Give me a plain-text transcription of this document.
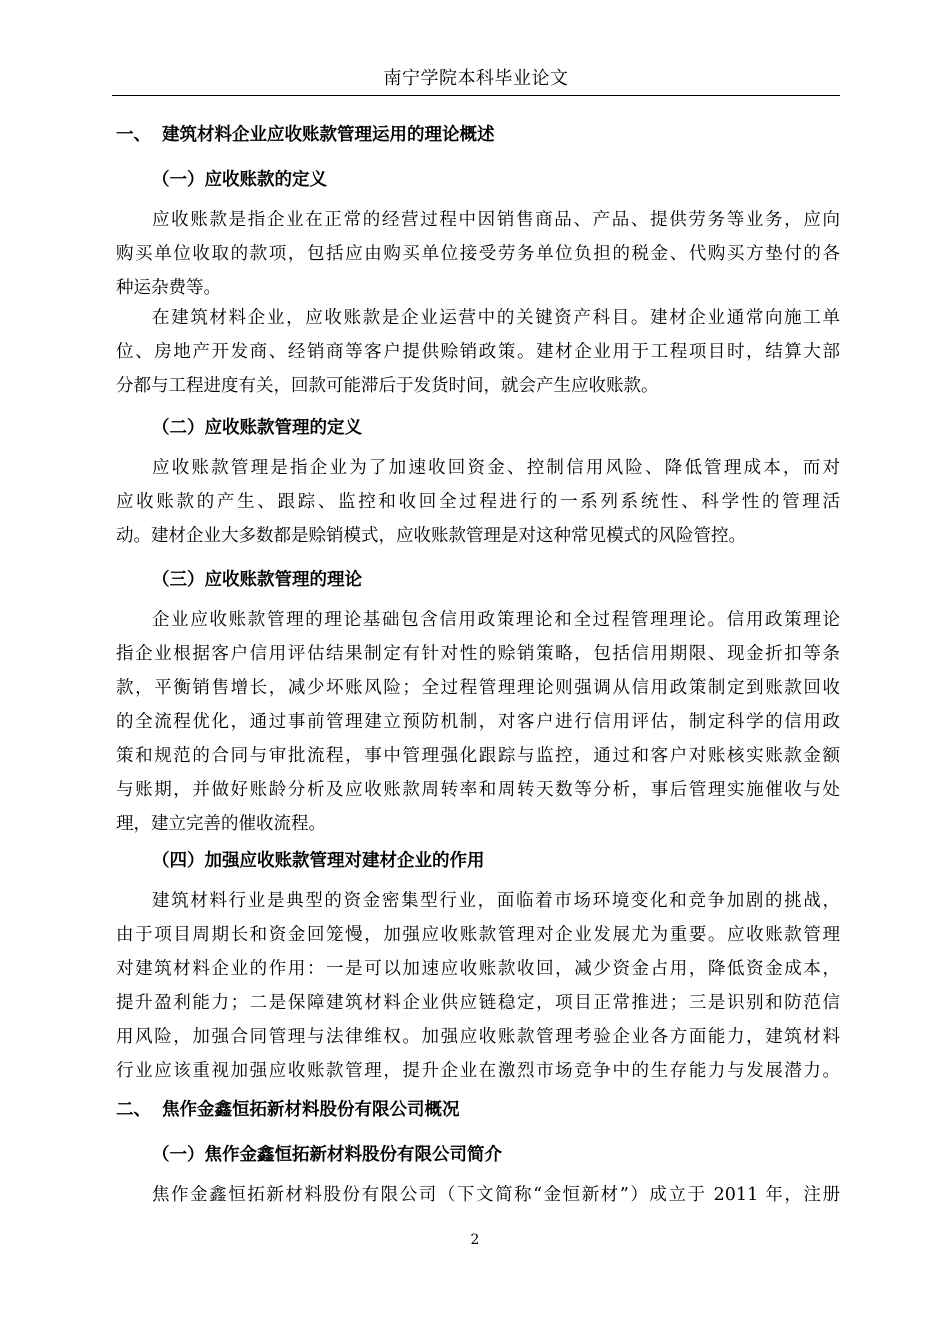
南宁学院本科毕业论文
一、 建筑材料企业应收账款管理运用的理论概述
（一）应收账款的定义
应收账款是指企业在正常的经营过程中因销售商品、产品、提供劳务等业务，应向
购买单位收取的款项，包括应由购买单位接受劳务单位负担的税金、代购买方垫付的各
种运杂费等。
在建筑材料企业，应收账款是企业运营中的关键资产科目。建材企业通常向施工单
位、房地产开发商、经销商等客户提供赊销政策。建材企业用于工程项目时，结算大部
分都与工程进度有关，回款可能滞后于发货时间，就会产生应收账款。
（二）应收账款管理的定义
应收账款管理是指企业为了加速收回资金、控制信用风险、降低管理成本，而对
应收账款的产生、跟踪、监控和收回全过程进行的一系列系统性、科学性的管理活
动。建材企业大多数都是赊销模式，应收账款管理是对这种常见模式的风险管控。
（三）应收账款管理的理论
企业应收账款管理的理论基础包含信用政策理论和全过程管理理论。信用政策理论
指企业根据客户信用评估结果制定有针对性的赊销策略，包括信用期限、现金折扣等条
款，平衡销售增长，减少坏账风险；全过程管理理论则强调从信用政策制定到账款回收
的全流程优化，通过事前管理建立预防机制，对客户进行信用评估，制定科学的信用政
策和规范的合同与审批流程，事中管理强化跟踪与监控，通过和客户对账核实账款金额
与账期，并做好账龄分析及应收账款周转率和周转天数等分析，事后管理实施催收与处
理，建立完善的催收流程。
（四）加强应收账款管理对建材企业的作用
建筑材料行业是典型的资金密集型行业，面临着市场环境变化和竞争加剧的挑战，
由于项目周期长和资金回笼慢，加强应收账款管理对企业发展尤为重要。应收账款管理
对建筑材料企业的作用：一是可以加速应收账款收回，减少资金占用，降低资金成本，
提升盈利能力；二是保障建筑材料企业供应链稳定，项目正常推进；三是识别和防范信
用风险，加强合同管理与法律维权。加强应收账款管理考验企业各方面能力，建筑材料
行业应该重视加强应收账款管理，提升企业在激烈市场竞争中的生存能力与发展潜力。
二、 焦作金鑫恒拓新材料股份有限公司概况
（一）焦作金鑫恒拓新材料股份有限公司简介
焦作金鑫恒拓新材料股份有限公司（下文简称“金恒新材”）成立于 2011 年，注册
2
